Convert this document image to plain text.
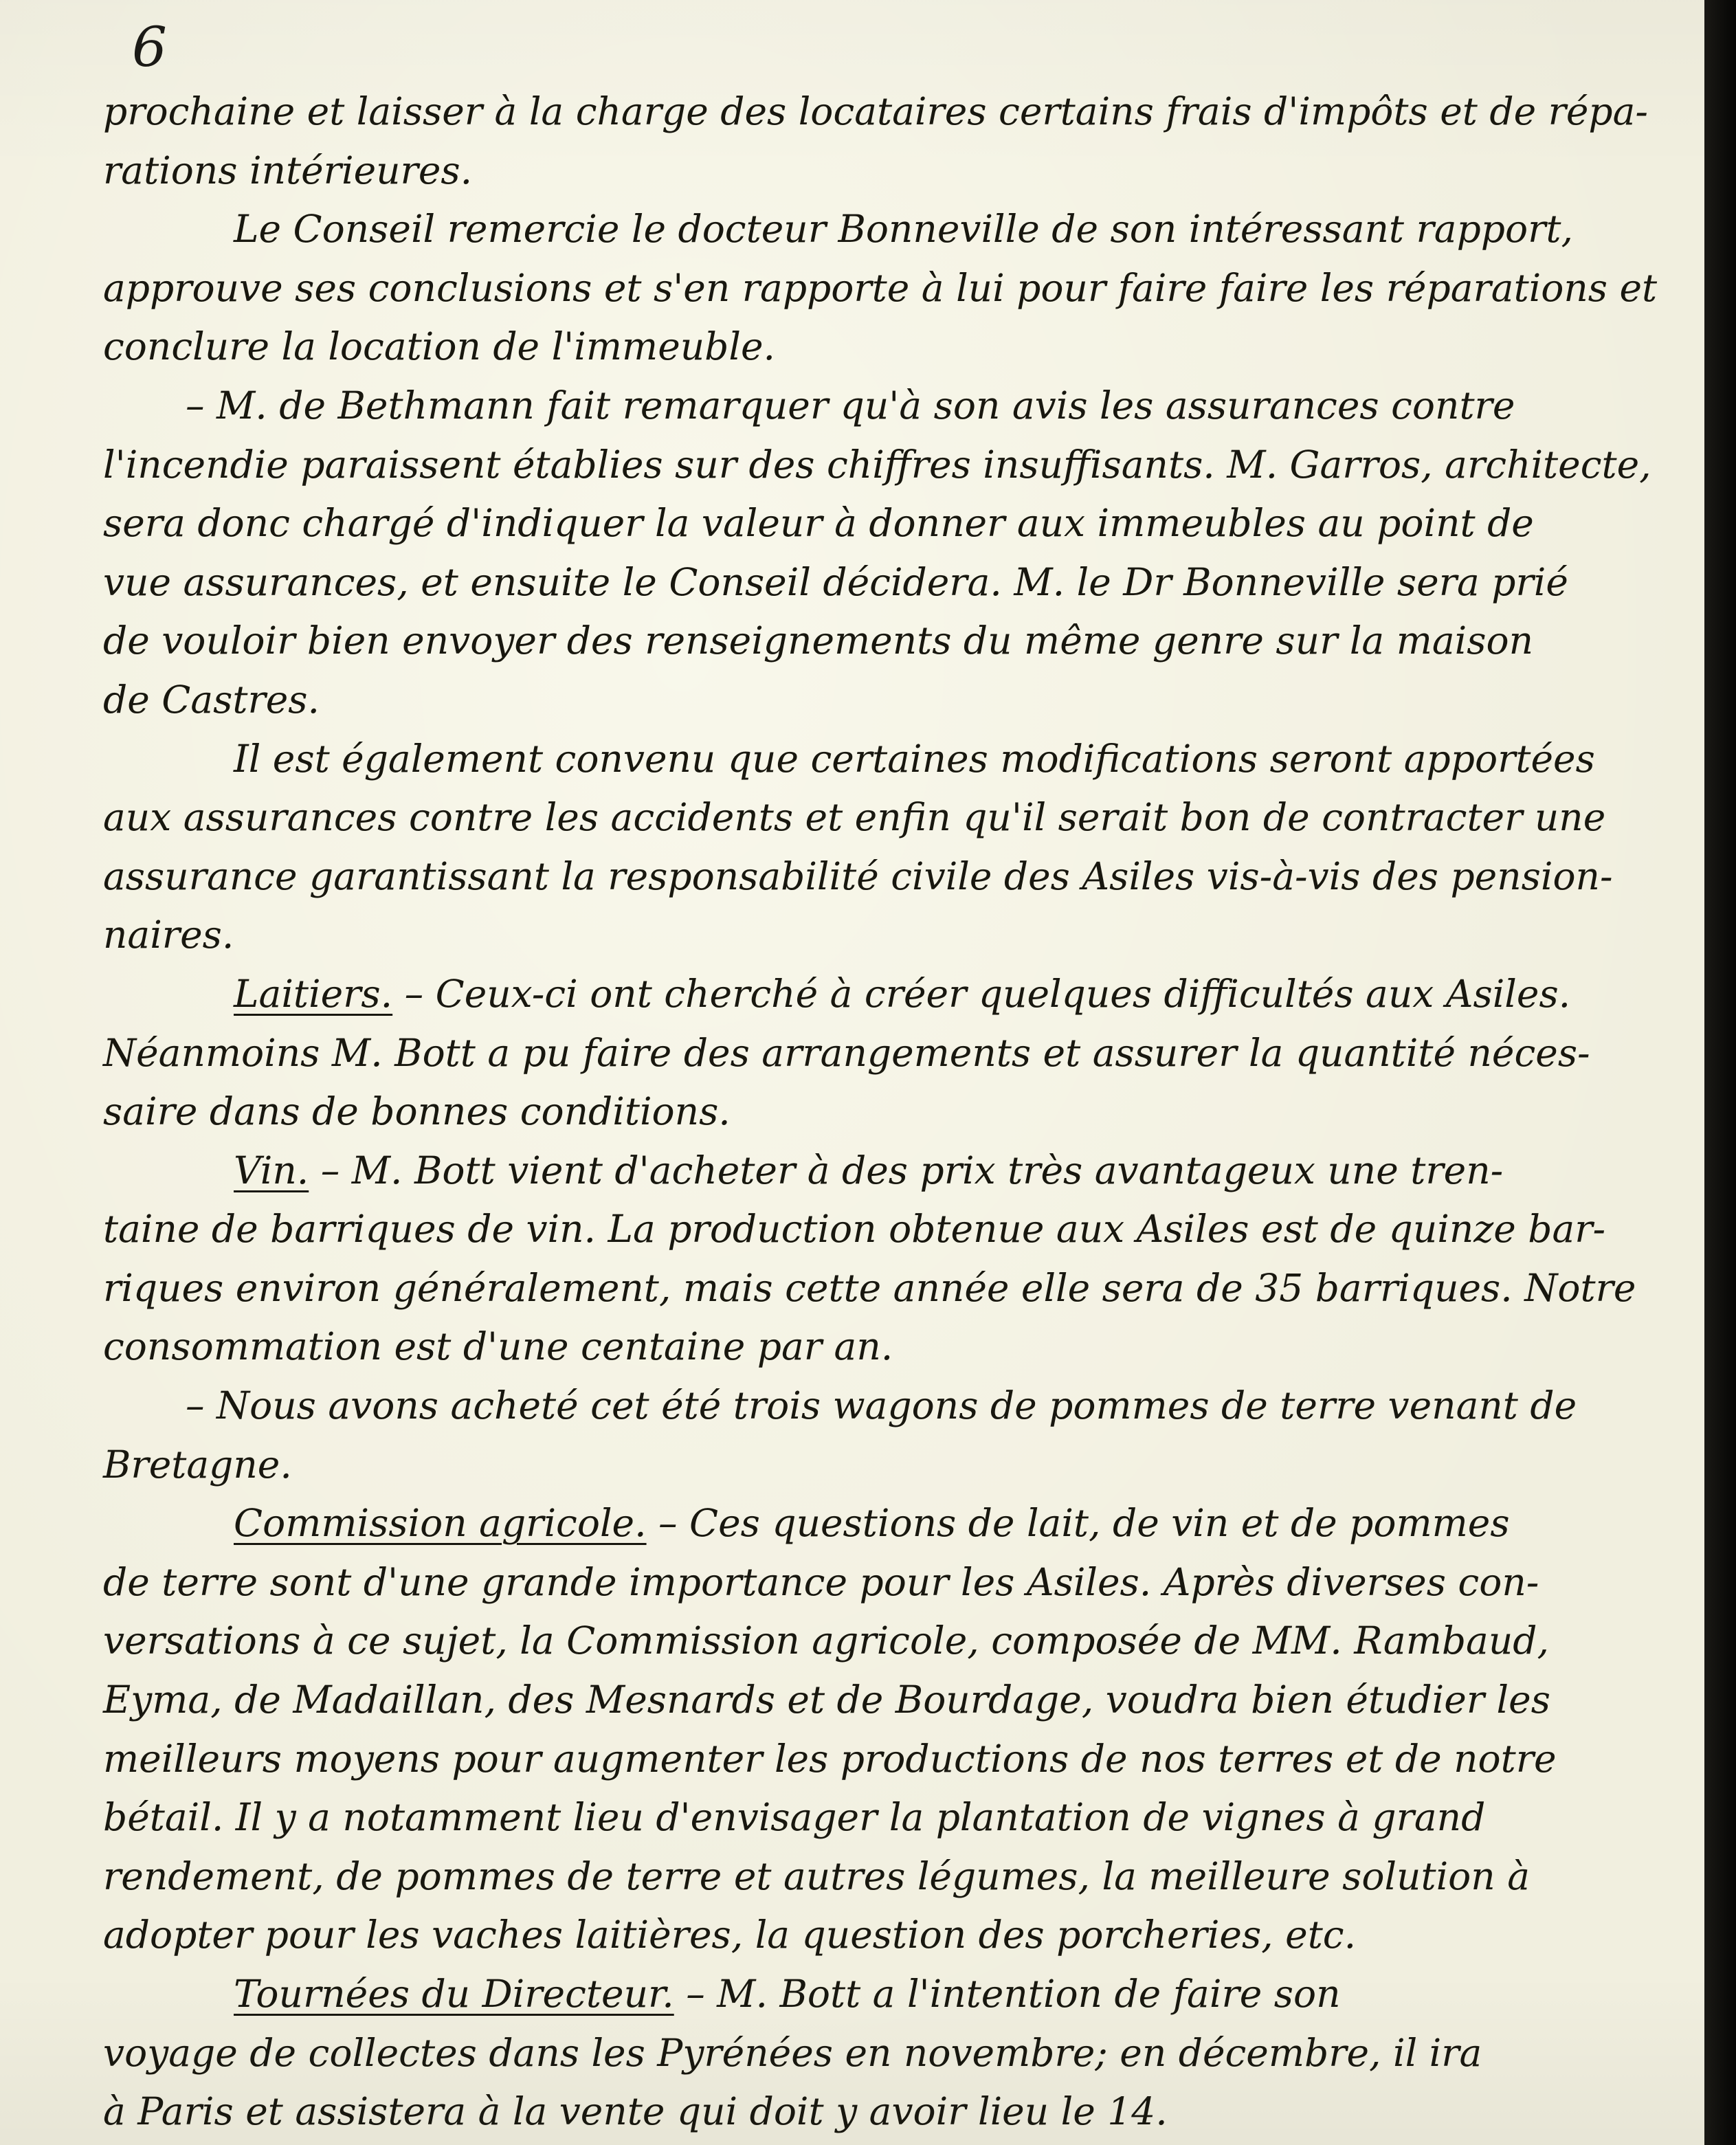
6
prochaine et laisser à la charge des locataires certains frais d'impôts et de répa-
rations intérieures.
Le Conseil remercie le docteur Bonneville de son intéressant rapport,
approuve ses conclusions et s'en rapporte à lui pour faire faire les réparations et
conclure la location de l'immeuble.
– M. de Bethmann fait remarquer qu'à son avis les assurances contre
l'incendie paraissent établies sur des chiffres insuffisants. M. Garros, architecte,
sera donc chargé d'indiquer la valeur à donner aux immeubles au point de
vue assurances, et ensuite le Conseil décidera. M. le Dr Bonneville sera prié
de vouloir bien envoyer des renseignements du même genre sur la maison
de Castres.
Il est également convenu que certaines modifications seront apportées
aux assurances contre les accidents et enfin qu'il serait bon de contracter une
assurance garantissant la responsabilité civile des Asiles vis-à-vis des pension-
naires.
Laitiers. – Ceux-ci ont cherché à créer quelques difficultés aux Asiles.
Néanmoins M. Bott a pu faire des arrangements et assurer la quantité néces-
saire dans de bonnes conditions.
Vin. – M. Bott vient d'acheter à des prix très avantageux une tren-
taine de barriques de vin. La production obtenue aux Asiles est de quinze bar-
riques environ généralement, mais cette année elle sera de 35 barriques. Notre
consommation est d'une centaine par an.
– Nous avons acheté cet été trois wagons de pommes de terre venant de
Bretagne.
Commission agricole. – Ces questions de lait, de vin et de pommes
de terre sont d'une grande importance pour les Asiles. Après diverses con-
versations à ce sujet, la Commission agricole, composée de MM. Rambaud,
Eyma, de Madaillan, des Mesnards et de Bourdage, voudra bien étudier les
meilleurs moyens pour augmenter les productions de nos terres et de notre
bétail. Il y a notamment lieu d'envisager la plantation de vignes à grand
rendement, de pommes de terre et autres légumes, la meilleure solution à
adopter pour les vaches laitières, la question des porcheries, etc.
Tournées du Directeur. – M. Bott a l'intention de faire son
voyage de collectes dans les Pyrénées en novembre; en décembre, il ira
à Paris et assistera à la vente qui doit y avoir lieu le 14.
